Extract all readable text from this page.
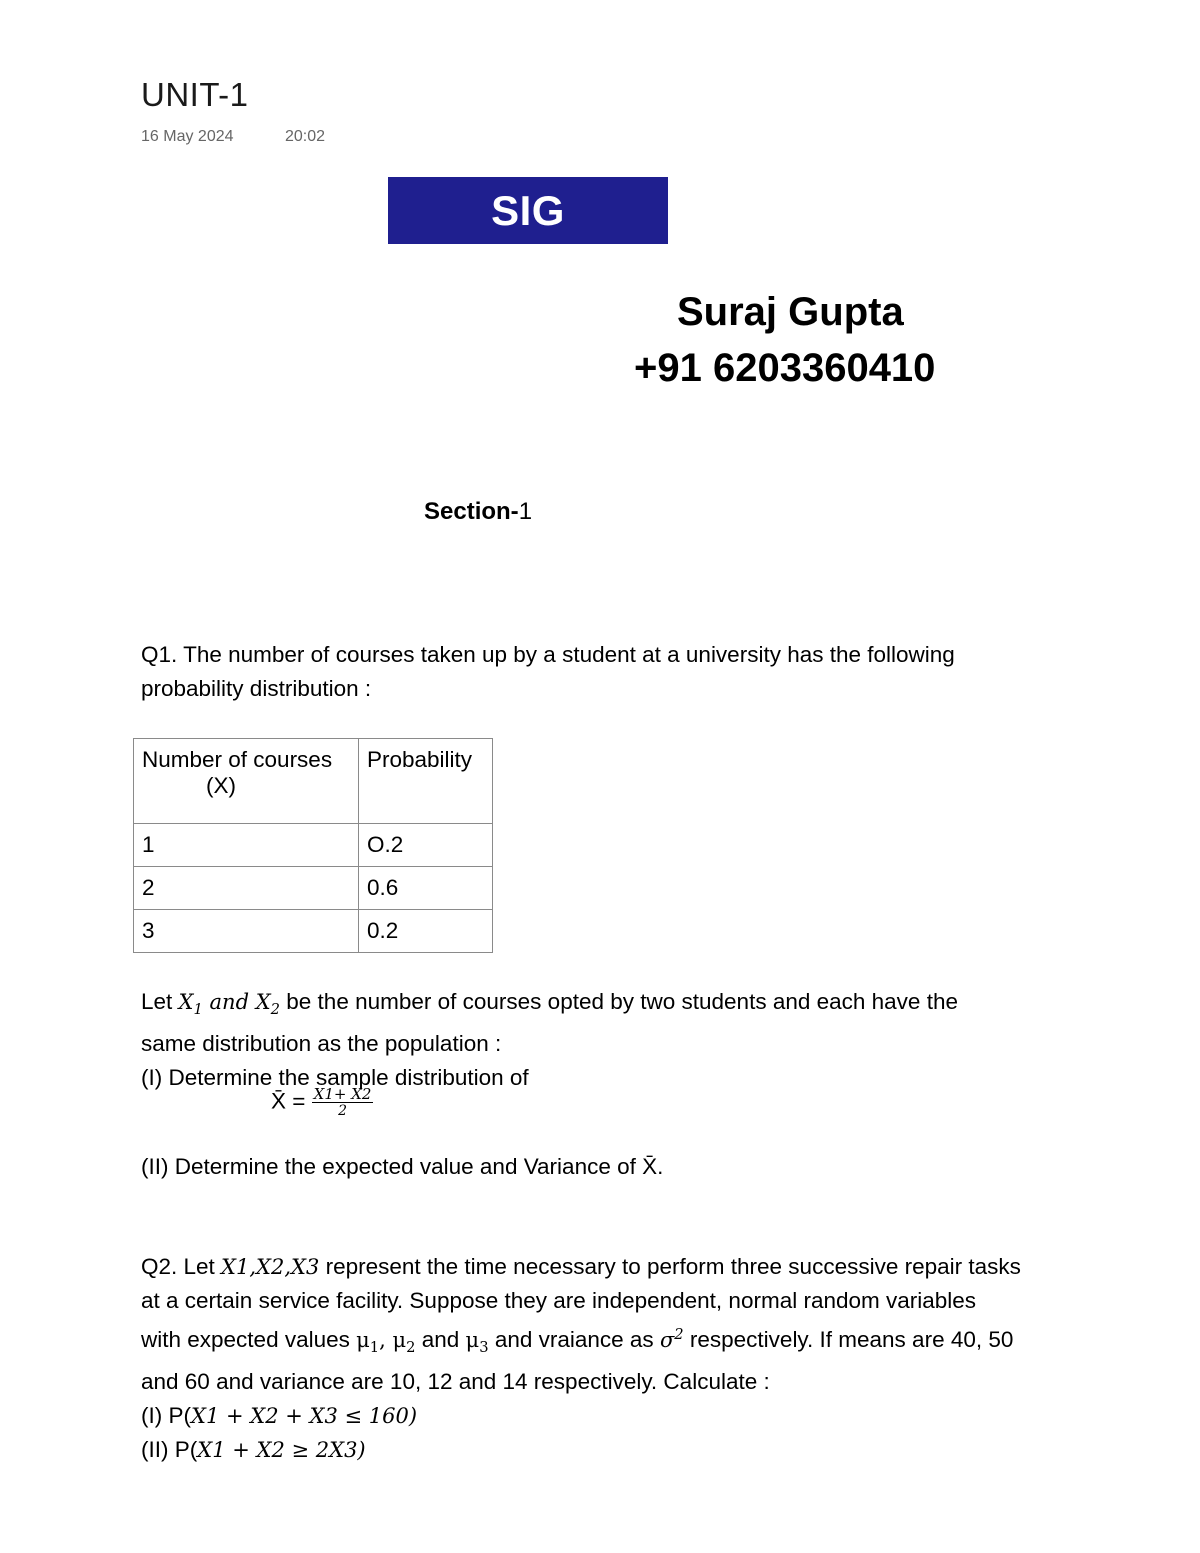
UNIT-1
16 May 2024	20:02
SIG CLASSES
Suraj Gupta
+91 6203360410
Section-1
Q1. The number of courses taken up by a student at a university has the following
probability distribution :
Number of courses
(X)	Probability
1	O.2
2	0.6
3	0.2
Let $X_1$ and $X_2$ be the number of courses opted by two students and each have the
same distribution as the population :
(I) Determine the sample distribution of
X̄ = $\frac{X1+ X2}{2}$
(II) Determine the expected value and Variance of X̄.
Q2. Let X1,X2,X3 represent the time necessary to perform three successive repair tasks
at a certain service facility. Suppose they are independent, normal random variables
with expected values $\mu_1$, $\mu_2$ and $\mu_3$ and vraiance as $\sigma^2$ respectively. If means are 40, 50
and 60 and variance are 10, 12 and 14 respectively. Calculate :
(I) P(X1 + X2 + X3 ≤ 160)
(II) P(X1 + X2 ≥ 2X3)
